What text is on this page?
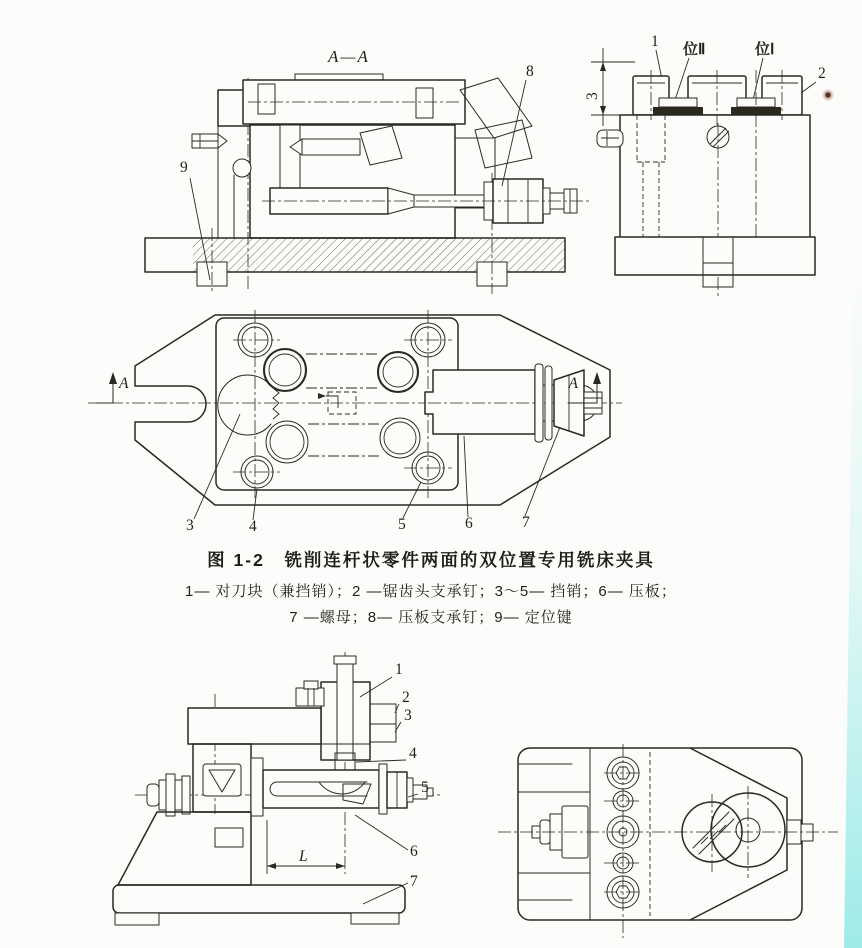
A—A
8
9
3
1 位Ⅱ	位Ⅰ
2
A	A
3	4	5	6	7
图 1-2　铣削连杆状零件两面的双位置专用铣床夹具
1— 对刀块（兼挡销）；2 —锯齿头支承钉；3～5— 挡销；6— 压板；
7 —螺母；8— 压板支承钉；9— 定位键
L
1
2
3
4
5
6
7
